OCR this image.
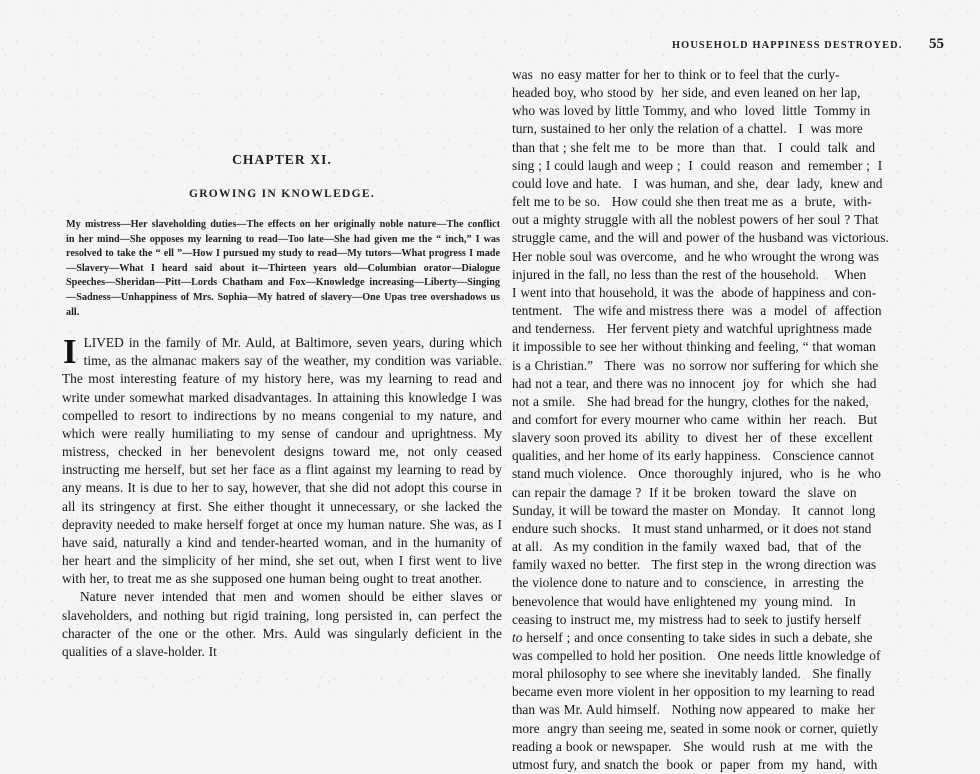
CHAPTER XI.
GROWING IN KNOWLEDGE.

My mistress—Her slaveholding duties—The effects on her originally noble nature—The conflict in her mind—She opposes my learning to read—Too late—She had given me the “ inch,” I was resolved to take the “ ell ”—How I pursued my study to read—My tutors—What progress I made—Slavery—What I heard said about it—Thirteen years old—Columbian orator—Dialogue Speeches—Sheridan—Pitt—Lords Chatham and Fox—Knowledge increasing—Liberty—Singing—Sadness—Unhappiness of Mrs. Sophia—My hatred of slavery—One Upas tree overshadows us all.

ILIVED in the family of Mr. Auld, at Baltimore, seven years, during which time, as the almanac makers say of the weather, my condition was variable. The most interesting feature of my history here, was my learning to read and write under somewhat marked disadvantages. In attaining this knowledge I was compelled to resort to indirections by no means congenial to my nature, and which were really humiliating to my sense of candour and uprightness. My mistress, checked in her benevolent designs toward me, not only ceased instructing me herself, but set her face as a flint against my learning to read by any means. It is due to her to say, however, that she did not adopt this course in all its stringency at first. She either thought it unnecessary, or she lacked the depravity needed to make herself forget at once my human nature. She was, as I have said, naturally a kind and tender-hearted woman, and in the humanity of her heart and the simplicity of her mind, she set out, when I first went to live with her, to treat me as she supposed one human being ought to treat another.

Nature never intended that men and women should be either slaves or slaveholders, and nothing but rigid training, long persisted in, can perfect the character of the one or the other. Mrs. Auld was singularly deficient in the qualities of a slave-holder. It

HOUSEHOLD HAPPINESS DESTROYED. 55

was  no easy matter for her to think or to feel that the curly-
headed boy, who stood by  her side, and even leaned on her lap,
who was loved by little Tommy, and who  loved  little  Tommy in
turn, sustained to her only the relation of a chattel.   I  was more
than that ; she felt me  to  be  more  than  that.   I  could  talk  and
sing ; I could laugh and weep ;  I  could  reason  and  remember ;  I
could love and hate.   I  was human, and she,  dear  lady,  knew and
felt me to be so.   How could she then treat me as  a  brute,  with-
out a mighty struggle with all the noblest powers of her soul ? That
struggle came, and the will and power of the husband was victorious.
Her noble soul was overcome,  and he who wrought the wrong was
injured in the fall, no less than the rest of the household.    When
I went into that household, it was the  abode of happiness and con-
tentment.   The wife and mistress there  was  a  model  of  affection
and tenderness.   Her fervent piety and watchful uprightness made
it impossible to see her without thinking and feeling, “ that woman
is a Christian.”   There  was  no sorrow nor suffering for which she
had not a tear, and there was no innocent  joy  for  which  she  had
not a smile.   She had bread for the hungry, clothes for the naked,
and comfort for every mourner who came  within  her  reach.   But
slavery soon proved its  ability  to  divest  her  of  these  excellent
qualities, and her home of its early happiness.   Conscience cannot
stand much violence.   Once  thoroughly  injured,  who  is  he  who
can repair the damage ?  If it be  broken  toward  the  slave  on
Sunday, it will be toward the master on  Monday.   It  cannot  long
endure such shocks.   It must stand unharmed, or it does not stand
at all.   As my condition in the family  waxed  bad,  that  of  the
family waxed no better.   The first step in  the wrong direction was
the violence done to nature and to  conscience,  in  arresting  the
benevolence that would have enlightened my  young mind.   In
ceasing to instruct me, my mistress had to seek to justify herself
to herself ; and once consenting to take sides in such a debate, she
was compelled to hold her position.   One needs little knowledge of
moral philosophy to see where she inevitably landed.   She finally
became even more violent in her opposition to my learning to read
than was Mr. Auld himself.   Nothing now appeared  to  make  her
more  angry than seeing me, seated in some nook or corner, quietly
reading a book or newspaper.   She  would  rush  at  me  with  the
utmost fury, and snatch the  book  or  paper  from  my  hand,  with
